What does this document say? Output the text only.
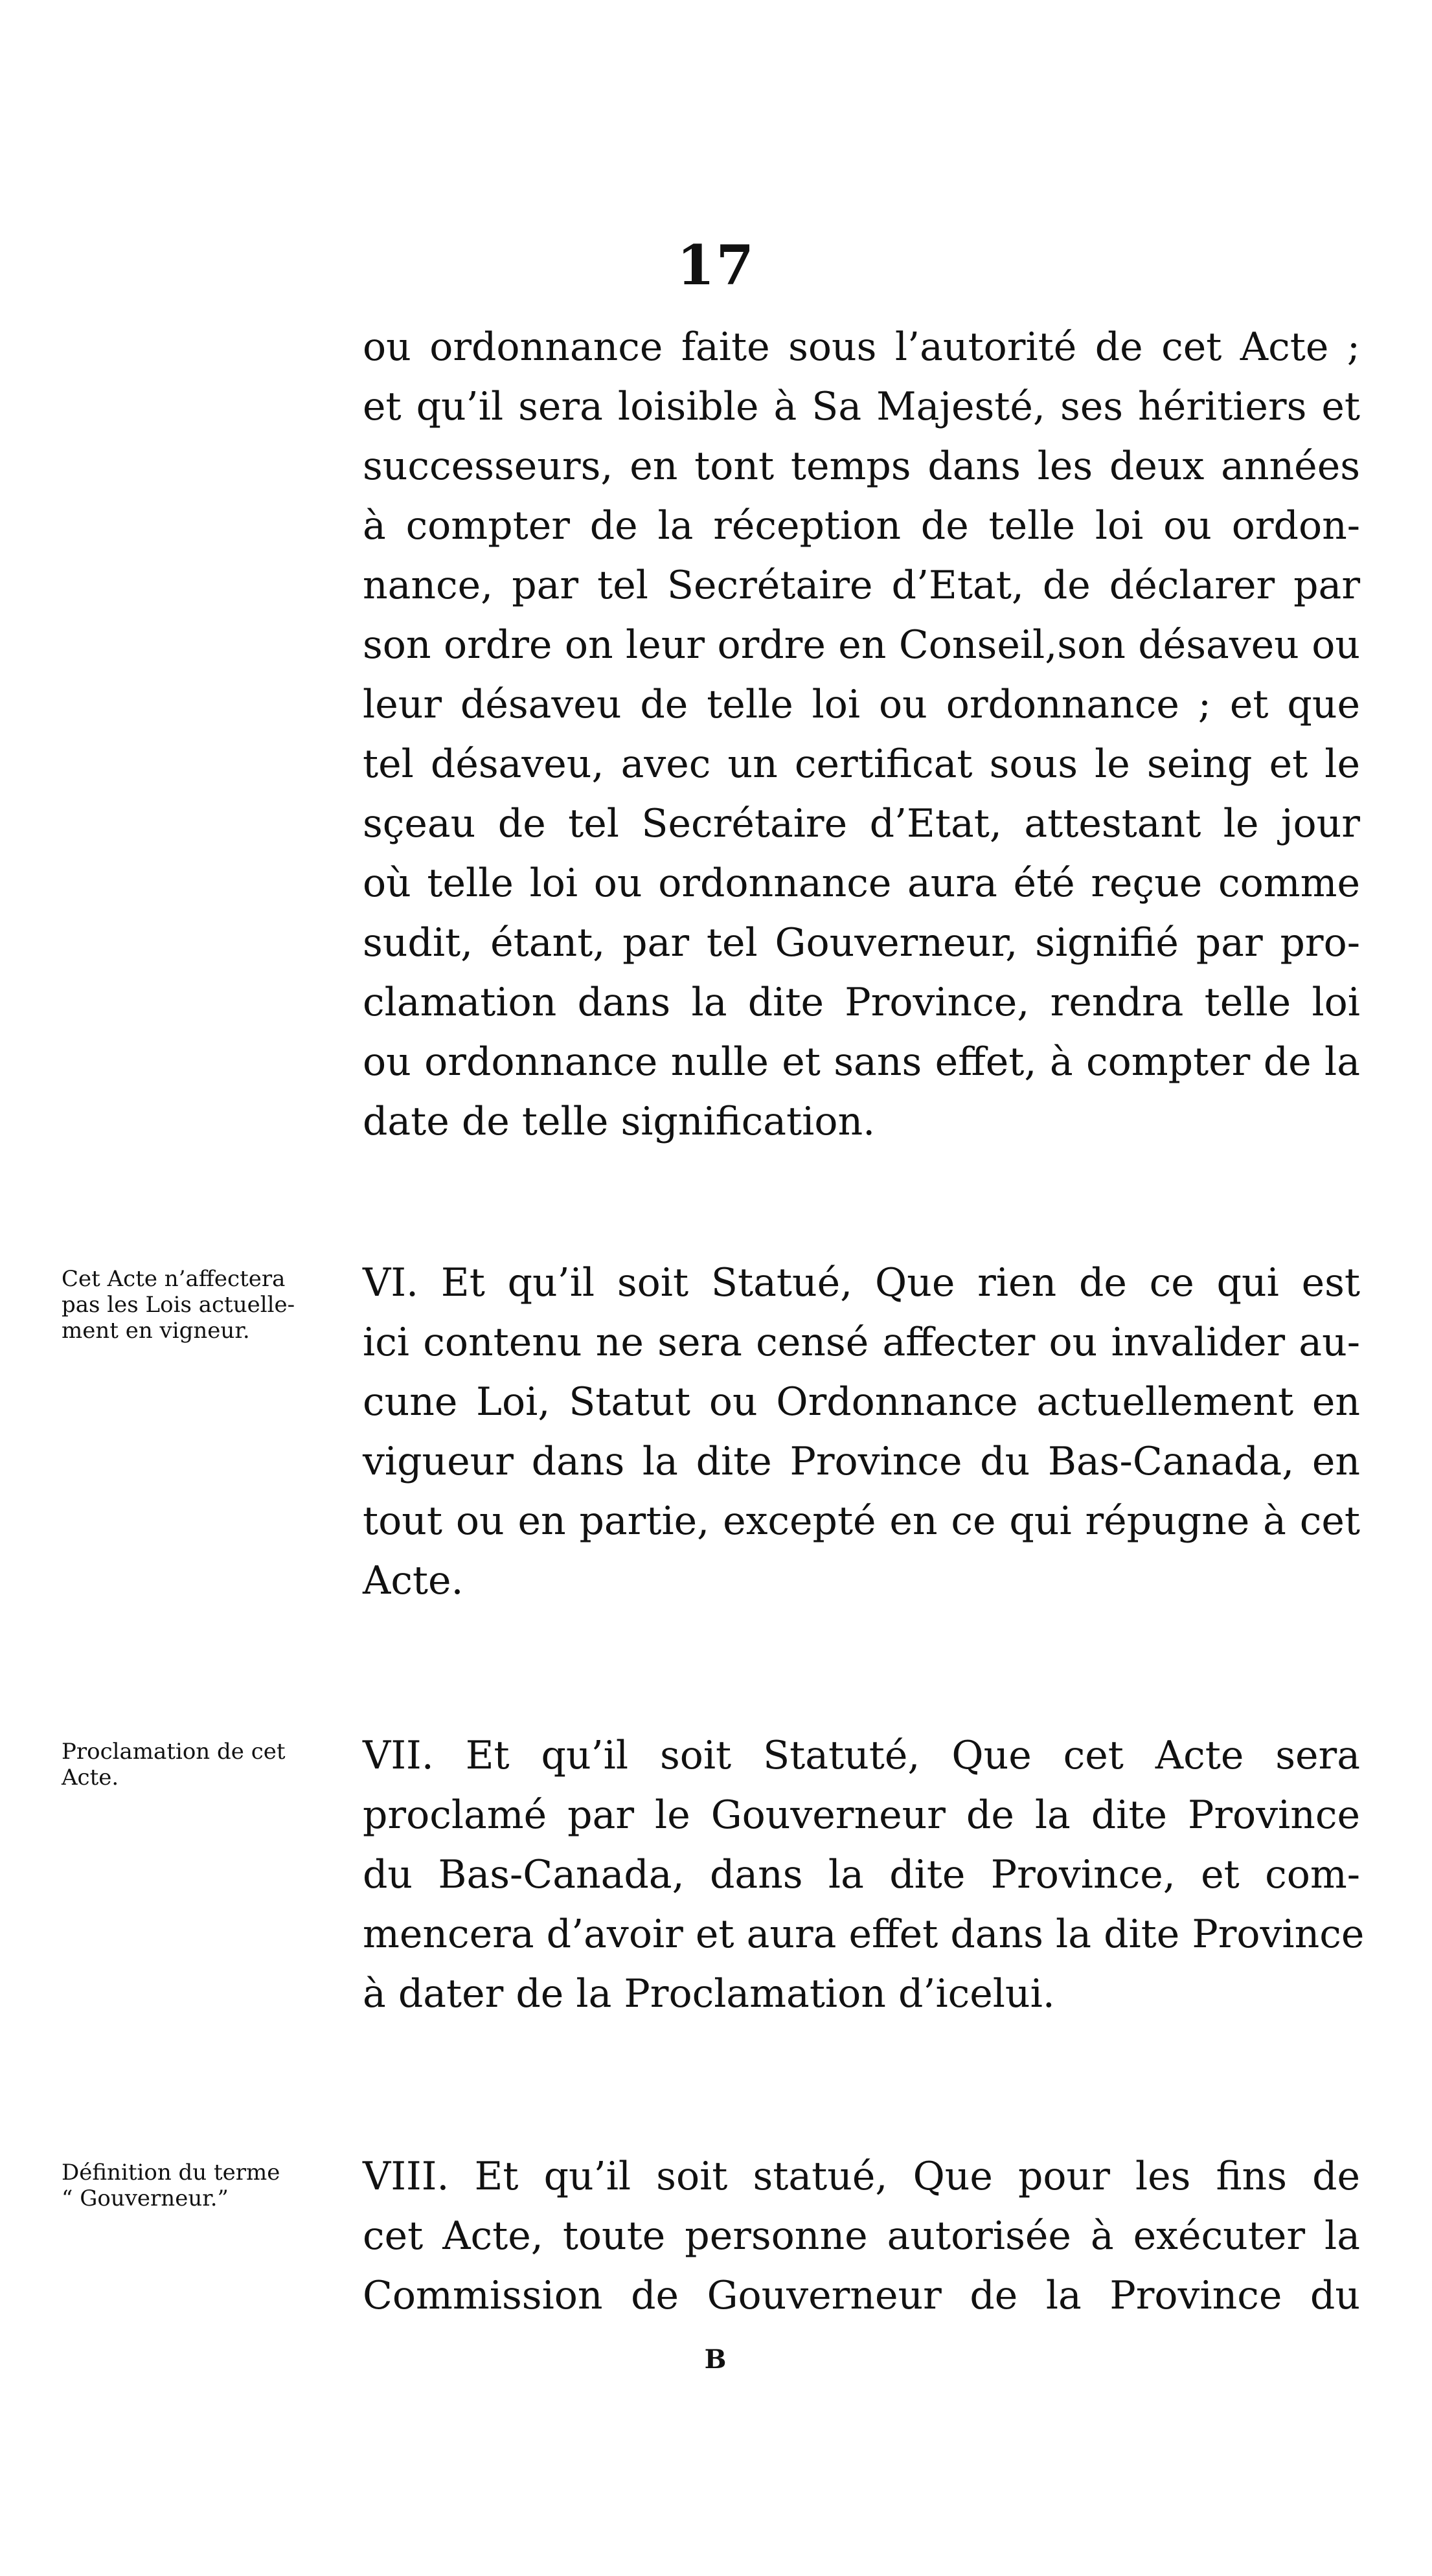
17
ou ordonnance faite sous l’autorité de cet Acte ;
et qu’il sera loisible à Sa Majesté, ses héritiers et
successeurs, en tont temps dans les deux années
à compter de la réception de telle loi ou ordon-
nance, par tel Secrétaire d’Etat, de déclarer par
son ordre on leur ordre en Conseil,son désaveu ou
leur désaveu de telle loi ou ordonnance ; et que
tel désaveu, avec un certificat sous le seing et le
sçeau de tel Secrétaire d’Etat, attestant le jour
où telle loi ou ordonnance aura été reçue comme
sudit, étant, par tel Gouverneur, signifié par pro-
clamation dans la dite Province, rendra telle loi
ou ordonnance nulle et sans effet, à compter de la
date de telle signification.
Cet Acte n’affectera
pas les Lois actuelle-
ment en vigneur.
VI. Et qu’il soit Statué, Que rien de ce qui est
ici contenu ne sera censé affecter ou invalider au-
cune Loi, Statut ou Ordonnance actuellement en
vigueur dans la dite Province du Bas-Canada, en
tout ou en partie, excepté en ce qui répugne à cet
Acte.
Proclamation de cet
Acte.	VII. Et qu’il soit Statuté, Que cet Acte sera
proclamé par le Gouverneur de la dite Province
du Bas-Canada, dans la dite Province, et com-
mencera d’avoir et aura effet dans la dite Province
à dater de la Proclamation d’icelui.
Définition du terme
“ Gouverneur.”	VIII. Et qu’il soit statué, Que pour les fins de
cet Acte, toute personne autorisée à exécuter la
Commission de Gouverneur de la Province du
B
